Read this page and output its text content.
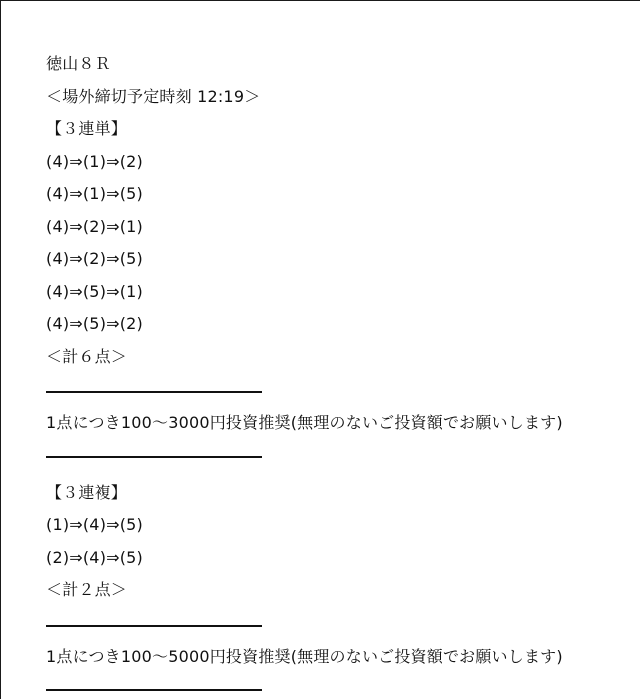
徳山８Ｒ
＜場外締切予定時刻 12:19＞
【３連単】
(4)⇒(1)⇒(2)
(4)⇒(1)⇒(5)
(4)⇒(2)⇒(1)
(4)⇒(2)⇒(5)
(4)⇒(5)⇒(1)
(4)⇒(5)⇒(2)
＜計６点＞
1点につき100〜3000円投資推奨(無理のないご投資額でお願いします)
【３連複】
(1)⇒(4)⇒(5)
(2)⇒(4)⇒(5)
＜計２点＞
1点につき100〜5000円投資推奨(無理のないご投資額でお願いします)
